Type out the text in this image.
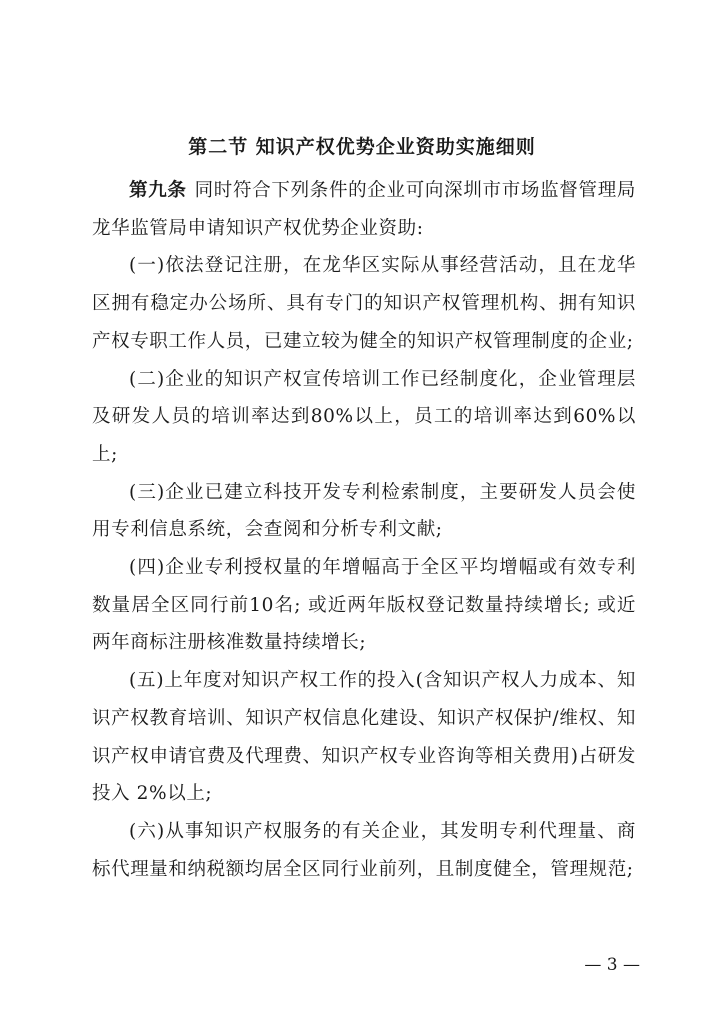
第二节 知识产权优势企业资助实施细则

第九条 同时符合下列条件的企业可向深圳市市场监督管理局龙华监管局申请知识产权优势企业资助:

(一)依法登记注册，在龙华区实际从事经营活动，且在龙华区拥有稳定办公场所、具有专门的知识产权管理机构、拥有知识产权专职工作人员，已建立较为健全的知识产权管理制度的企业;

(二)企业的知识产权宣传培训工作已经制度化，企业管理层及研发人员的培训率达到80%以上，员工的培训率达到60%以上;

(三)企业已建立科技开发专利检索制度，主要研发人员会使用专利信息系统，会查阅和分析专利文献;

(四)企业专利授权量的年增幅高于全区平均增幅或有效专利数量居全区同行前10名; 或近两年版权登记数量持续增长; 或近两年商标注册核准数量持续增长;

(五)上年度对知识产权工作的投入(含知识产权人力成本、知识产权教育培训、知识产权信息化建设、知识产权保护/维权、知识产权申请官费及代理费、知识产权专业咨询等相关费用)占研发投入 2%以上;

(六)从事知识产权服务的有关企业，其发明专利代理量、商标代理量和纳税额均居全区同行业前列，且制度健全，管理规范;

— 3 —
